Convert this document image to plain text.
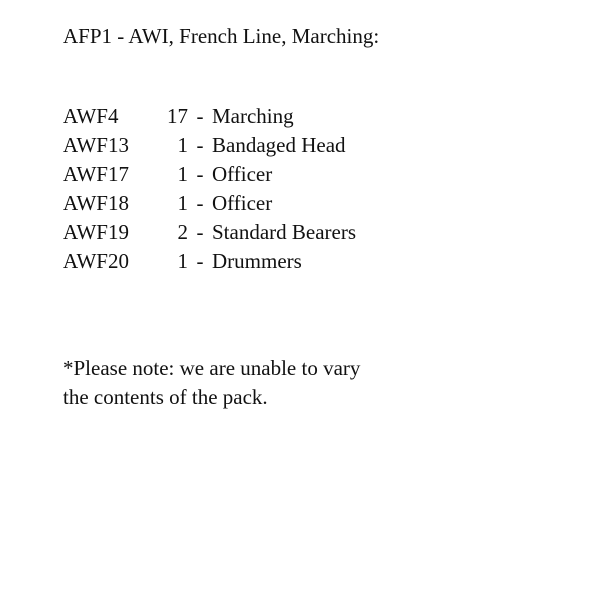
AFP1 - AWI, French Line, Marching:
AWF4	17 - Marching
AWF13	1 - Bandaged Head
AWF17	1 - Officer
AWF18	1 - Officer
AWF19	2 - Standard Bearers
AWF20	1 - Drummers
*Please note: we are unable to vary
the contents of the pack.
